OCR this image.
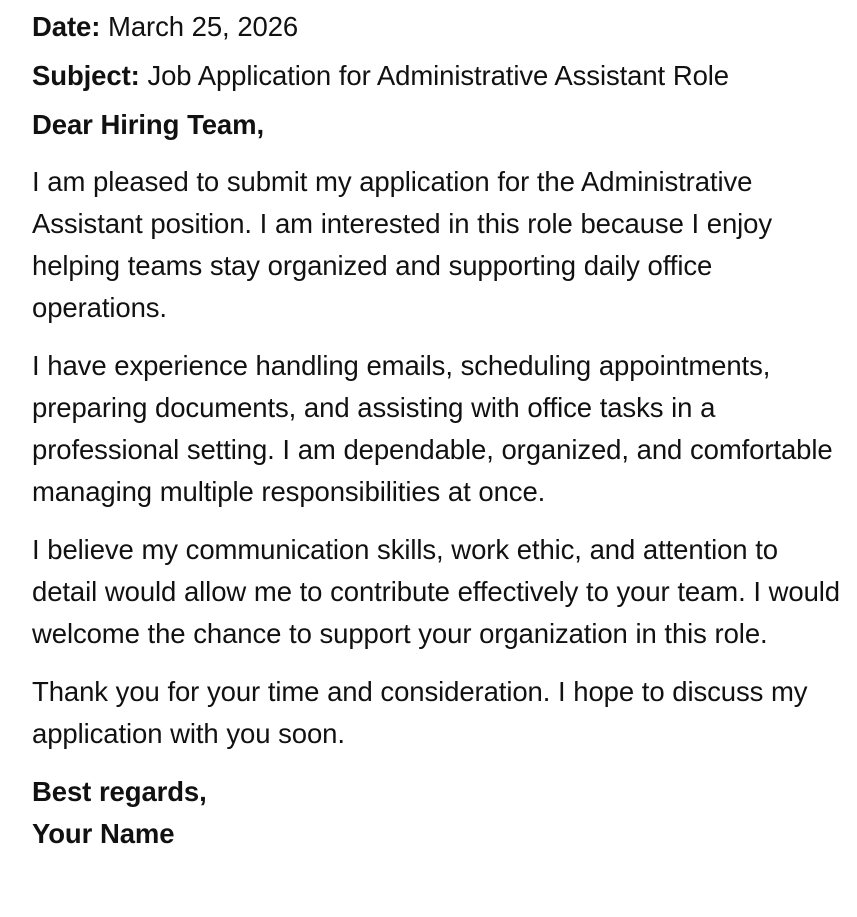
Date: March 25, 2026
Subject: Job Application for Administrative Assistant Role

Dear Hiring Team,

I am pleased to submit my application for the Administrative Assistant position. I am interested in this role because I enjoy helping teams stay organized and supporting daily office operations.

I have experience handling emails, scheduling appointments, preparing documents, and assisting with office tasks in a professional setting. I am dependable, organized, and comfortable managing multiple responsibilities at once.

I believe my communication skills, work ethic, and attention to detail would allow me to contribute effectively to your team. I would welcome the chance to support your organization in this role.

Thank you for your time and consideration. I hope to discuss my application with you soon.

Best regards,
Your Name
